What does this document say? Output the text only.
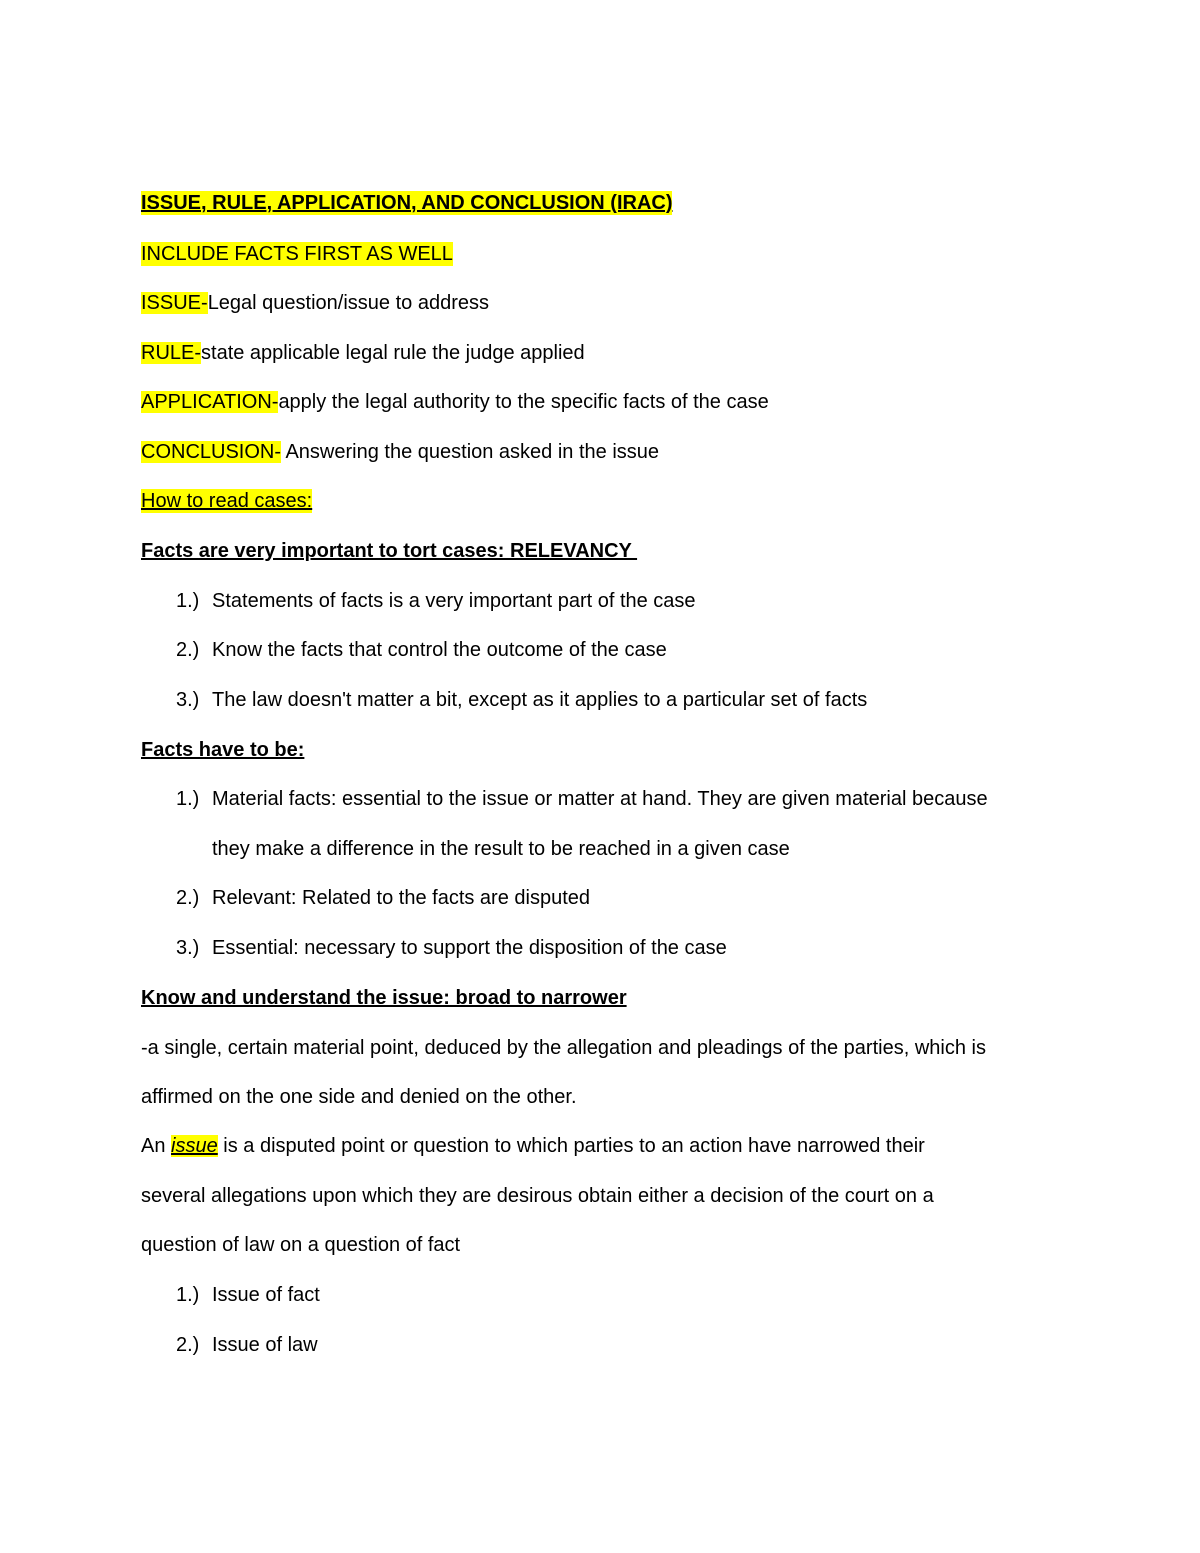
ISSUE, RULE, APPLICATION, AND CONCLUSION (IRAC)
INCLUDE FACTS FIRST AS WELL
ISSUE-Legal question/issue to address
RULE-state applicable legal rule the judge applied
APPLICATION-apply the legal authority to the specific facts of the case
CONCLUSION- Answering the question asked in the issue
How to read cases:
Facts are very important to tort cases: RELEVANCY
1.) Statements of facts is a very important part of the case
2.) Know the facts that control the outcome of the case
3.) The law doesn't matter a bit, except as it applies to a particular set of facts
Facts have to be:
1.) Material facts: essential to the issue or matter at hand. They are given material because
they make a difference in the result to be reached in a given case
2.) Relevant: Related to the facts are disputed
3.) Essential: necessary to support the disposition of the case
Know and understand the issue: broad to narrower
-a single, certain material point, deduced by the allegation and pleadings of the parties, which is
affirmed on the one side and denied on the other.
An issue is a disputed point or question to which parties to an action have narrowed their
several allegations upon which they are desirous obtain either a decision of the court on a
question of law on a question of fact
1.) Issue of fact
2.) Issue of law
